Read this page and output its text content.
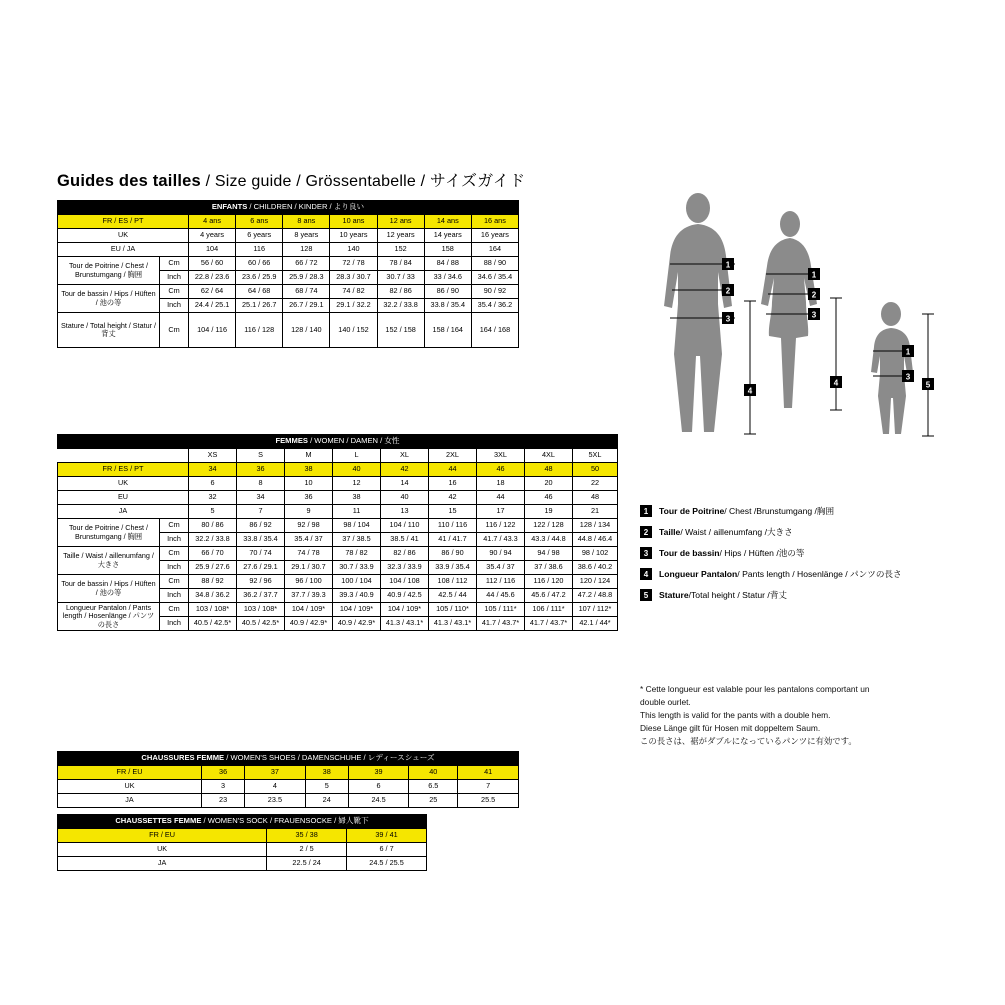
Guides des tailles / Size guide / Grössentabelle / サイズガイド
ENFANTS / CHILDREN / KINDER / より良い								
FR / ES / PT		4 ans	6 ans	8 ans	10 ans	12 ans	14 ans	16 ans
UK		4 years	6 years	8 years	10 years	12 years	14 years	16 years
EU / JA		104	116	128	140	152	158	164
Tour de Poitrine / Chest / Brunstumgang / 胸囲	Cm	56 / 60	60 / 66	66 / 72	72 / 78	78 / 84	84 / 88	88 / 90
	Inch	22.8 / 23.6	23.6 / 25.9	25.9 / 28.3	28.3 / 30.7	30.7 / 33	33 / 34.6	34.6 / 35.4
Tour de bassin / Hips / Hüften / 池の等	Cm	62 / 64	64 / 68	68 / 74	74 / 82	82 / 86	86 / 90	90 / 92
	Inch	24.4 / 25.1	25.1 / 26.7	26.7 / 29.1	29.1 / 32.2	32.2 / 33.8	33.8 / 35.4	35.4 / 36.2
Stature / Total height / Statur / 背丈	Cm	104 / 116	116 / 128	128 / 140	140 / 152	152 / 158	158 / 164	164 / 168
FEMMES / WOMEN / DAMEN / 女性										
		XS	S	M	L	XL	2XL	3XL	4XL	5XL
FR / ES / PT		34	36	38	40	42	44	46	48	50
UK		6	8	10	12	14	16	18	20	22
EU		32	34	36	38	40	42	44	46	48
JA		5	7	9	11	13	15	17	19	21
Tour de Poitrine / Chest / Brunstumgang / 胸囲	Cm	80 / 86	86 / 92	92 / 98	98 / 104	104 / 110	110 / 116	116 / 122	122 / 128	128 / 134
	Inch	32.2 / 33.8	33.8 / 35.4	35.4 / 37	37 / 38.5	38.5 / 41	41 / 41.7	41.7 / 43.3	43.3 / 44.8	44.8 / 46.4
Taille / Waist / aillenumfang / 大きさ	Cm	66 / 70	70 / 74	74 / 78	78 / 82	82 / 86	86 / 90	90 / 94	94 / 98	98 / 102
	Inch	25.9 / 27.6	27.6 / 29.1	29.1 / 30.7	30.7 / 33.9	32.3 / 33.9	33.9 / 35.4	35.4 / 37	37 / 38.6	38.6 / 40.2
Tour de bassin / Hips / Hüften / 池の等	Cm	88 / 92	92 / 96	96 / 100	100 / 104	104 / 108	108 / 112	112 / 116	116 / 120	120 / 124
	Inch	34.8 / 36.2	36.2 / 37.7	37.7 / 39.3	39.3 / 40.9	40.9 / 42.5	42.5 / 44	44 / 45.6	45.6 / 47.2	47.2 / 48.8
Longueur Pantalon / Pants length / Hosenlänge / パンツの長さ	Cm	103 / 108*	103 / 108*	104 / 109*	104 / 109*	104 / 109*	105 / 110*	105 / 111*	106 / 111*	107 / 112*
	Inch	40.5 / 42.5*	40.5 / 42.5*	40.9 / 42.9*	40.9 / 42.9*	41.3 / 43.1*	41.3 / 43.1*	41.7 / 43.7*	41.7 / 43.7*	42.1 / 44*
CHAUSSURES FEMME / WOMEN'S SHOES / DAMENSCHUHE / レディースシューズ						
FR / EU	36	37	38	39	40	41
UK	3	4	5	6	6.5	7
JA	23	23.5	24	24.5	25	25.5
CHAUSSETTES FEMME / WOMEN'S SOCK / FRAUENSOCKE / 婦人靴下		
FR / EU	35 / 38	39 / 41
UK	2 / 5	6 / 7
JA	22.5 / 24	24.5 / 25.5
1
2
3
4
1
2
3
4
1
3
5
1	Tour de Poitrine / Chest /Brunstumgang /胸囲
2	Taille / Waist / aillenumfang /大きさ
3	Tour de bassin / Hips / Hüften /池の等
4	Longueur Pantalon / Pants length / Hosenlänge / パンツの長さ
5	Stature /Total height / Statur /背丈
* Cette longueur est valable pour les pantalons comportant un
double ourlet.
This length is valid for the pants with a double hem.
Diese Länge gilt für Hosen mit doppeltem Saum.
この長さは、裾がダブルになっているパンツに有効です。
